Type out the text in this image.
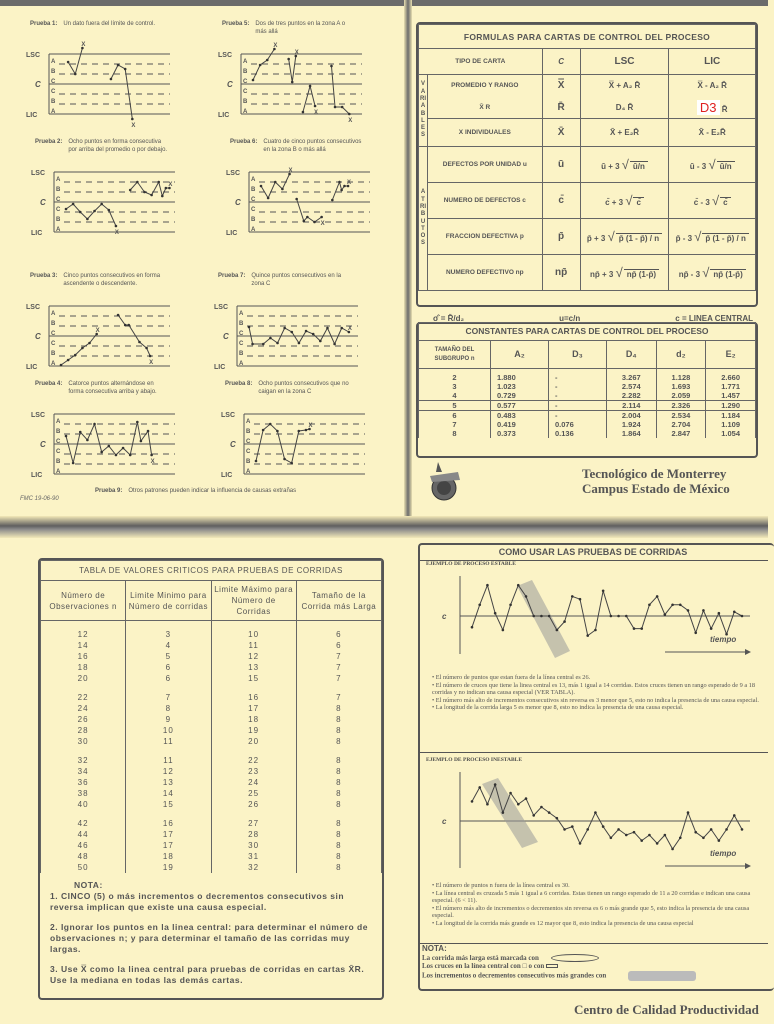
Prueba 1: Un dato fuera del límite de control.
LSC
C
LIC
A
B
C
C
B
A
X
X
Prueba 5: Dos de tres puntos en la zona A o más allá
LSC
C
LIC
A
B
C
C
B
A
X
X
X
X
Prueba 2: Ocho puntos en forma consecutiva por arriba del promedio o por debajo.
LSC
C
LIC
A
B
C
C
B
A	X
X
Prueba 6: Cuatro de cinco puntos consecutivos en la zona B o más allá
LSC
C
LIC
A
B
C
C
B
A
X
X
X
Prueba 3: Cinco puntos consecutivos en forma ascendente o descendente.
LSC
C
LIC
A
B
C
C
B
A
X
X
Prueba 7: Quince puntos consecutivos en la zona C
LSC
C
LIC
A
B
C
C
B
A
X
Prueba 4: Catorce puntos alternándose en forma consecutiva arriba y abajo.
LSC
C
LIC
A
B
C
C
B
A
X
Prueba 8: Ocho puntos consecutivos que no caigan en la zona C
LSC
C
LIC
A
B
C
C
B
A
X
Prueba 9: Otros patrones pueden indicar la influencia de causas extrañas
FMC 19-06-90
FORMULAS PARA CARTAS DE CONTROL DEL PROCESO				
TIPO DE CARTA		C	LSC	LIC
VARIABLES	PROMEDIO Y RANGO	X̿	X̿ + A₂ R̄	X̿ - A₂ R̄
	X̄ R	R̄	D₄ R̄	D3 R̄
	X INDIVIDUALES	X̄	X̄ + E₂R̄	X̄ - E₂R̄
ATRIBUTOS	DEFECTOS POR UNIDAD u	ū	ū + 3 √ ū/n	ū - 3 √ ū/n
	NUMERO DE DEFECTOS c	c̄	c̄ + 3 √ c̄	c̄ - 3 √ c̄
	FRACCION DEFECTIVA p	p̄	p̄ + 3 √ p̄ (1 - p̄) / n	p̄ - 3 √ p̄ (1 - p̄) / n
	NUMERO DEFECTIVO np	np̄	np̄ + 3 √ np̄ (1-p̄)	np̄ - 3 √ np̄ (1-p̄)
σ̂ = R̄/d₂	u=c/n	c = LINEA CENTRAL
CONSTANTES PARA CARTAS DE CONTROL DEL PROCESO					
TAMAÑO DEL SUBGRUPO n	A₂	D₃	D₄	d₂	E₂
2	1.880	-	3.267	1.128	2.660
3	1.023	-	2.574	1.693	1.771
4	0.729	-	2.282	2.059	1.457
5	0.577	-	2.114	2.326	1.290
6	0.483	-	2.004	2.534	1.184
7	0.419	0.076	1.924	2.704	1.109
8	0.373	0.136	1.864	2.847	1.054
Tecnológico de Monterrey
Campus Estado de México
TABLA DE VALORES CRITICOS PARA PRUEBAS DE CORRIDAS			
Número de Observaciones n	Limite Minimo para Número de corridas	Limite Máximo para Número de Corridas	Tamaño de la Corrida más Larga
12	3	10	6
14	4	11	6
16	5	12	7
18	6	13	7
20	6	15	7
22	7	16	7
24	8	17	8
26	9	18	8
28	10	19	8
30	11	20	8
32	11	22	8
34	12	23	8
36	13	24	8
38	14	25	8
40	15	26	8
42	16	27	8
44	17	28	8
46	17	30	8
48	18	31	8
50	19	32	8
NOTA:
1. CINCO (5) o más incrementos o decrementos consecutivos sin reversa implican que existe una causa especial.
2. Ignorar los puntos en la linea central: para determinar el número de observaciones n; y para determinar el tamaño de las corridas muy largas.
3. Use X̿ como la linea central para pruebas de corridas en cartas X̄R. Use la mediana en todas las demás cartas.
COMO USAR LAS PRUEBAS DE CORRIDAS
EJEMPLO DE PROCESO ESTABLE
c
tiempo
• El número de puntos que estan fuera de la línea central es 26.
• El número de cruces que tiene la linea central es 13, más 1 igual a 14 corridas. Estos cruces tienen un rango esperado de 9 a 18 corridas y no indican una causa especial (VER TABLA).
• El número más alto de incrementos consecutivos sin reversa es 3 menor que 5, esto no indica la presencia de una causa especial.
• La longitud de la corrida larga 5 es menor que 8, esto no indica la presencia de una causa especial.
EJEMPLO DE PROCESO INESTABLE
c
tiempo
• El número de puntos n fuera de la línea central es 30.
• La línea central es cruzada 5 más 1 igual a 6 corridas. Estas tienen un rango esperado de 11 a 20 corridas e indican una causa especial. (6 < 11).
• El número más alto de incrementos o decrementos sin reversa es 6 o más grande que 5, esto indica la presencia de una causa especial.
• La longitud de la corrida más grande es 12 mayor que 8, esto indica la presencia de una causa especial
NOTA:
La corrida más larga está marcada con
Los cruces en la línea central con □ o con
Los incrementos o decrementos consecutivos más grandes con
Centro de Calidad Productividad
